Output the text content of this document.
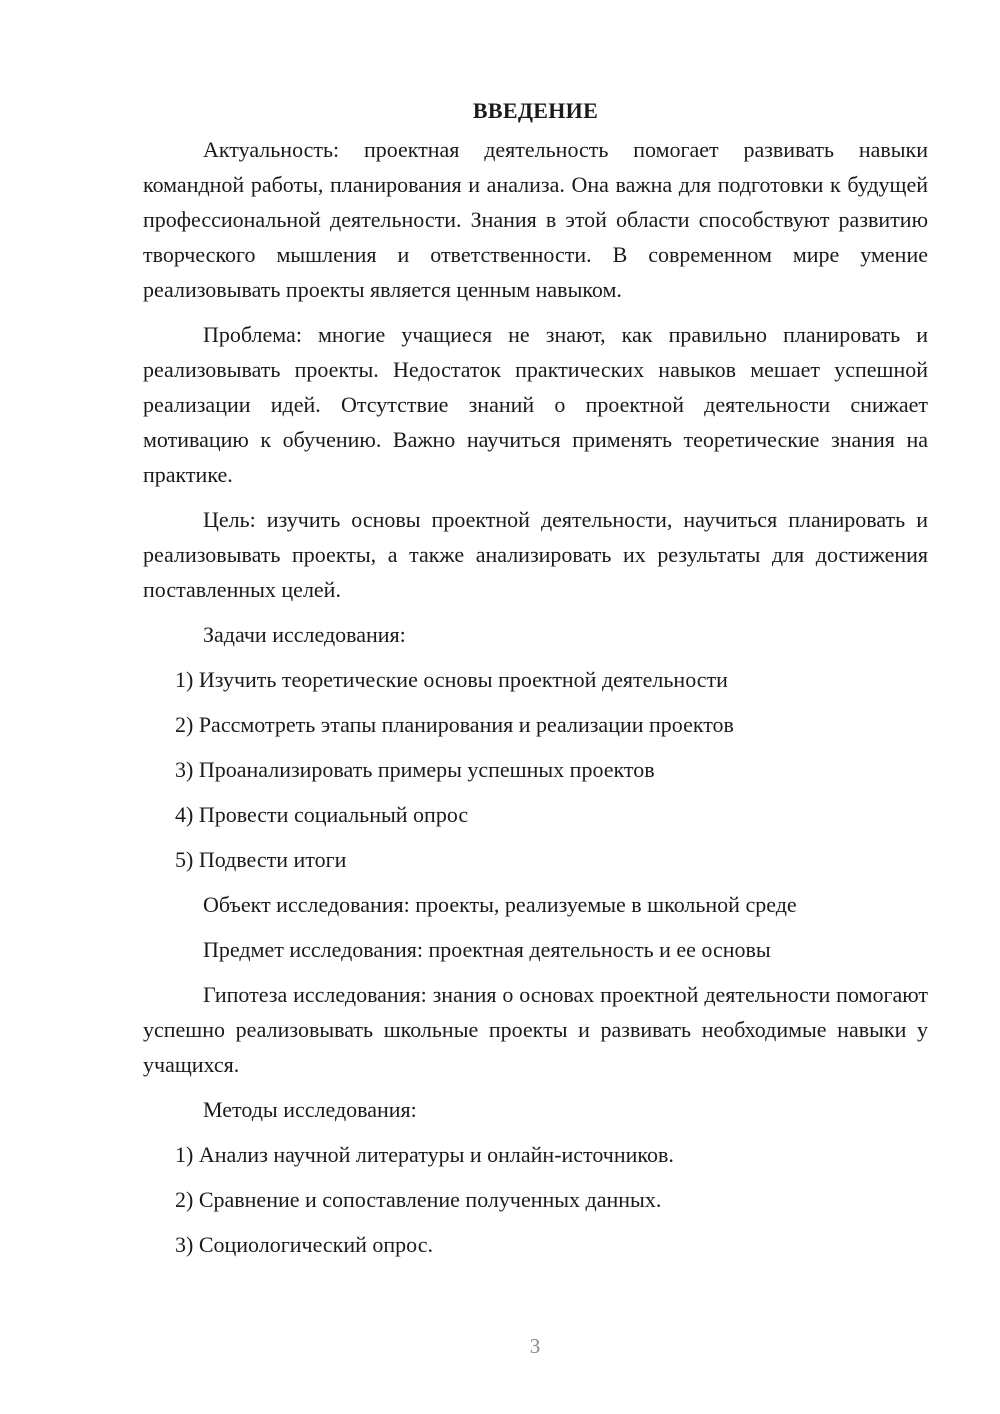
ВВЕДЕНИЕ

Актуальность: проектная деятельность помогает развивать навыки командной работы, планирования и анализа. Она важна для подготовки к будущей профессиональной деятельности. Знания в этой области способствуют развитию творческого мышления и ответственности. В современном мире умение реализовывать проекты является ценным навыком.

Проблема: многие учащиеся не знают, как правильно планировать и реализовывать проекты. Недостаток практических навыков мешает успешной реализации идей. Отсутствие знаний о проектной деятельности снижает мотивацию к обучению. Важно научиться применять теоретические знания на практике.

Цель: изучить основы проектной деятельности, научиться планировать и реализовывать проекты, а также анализировать их результаты для достижения поставленных целей.

Задачи исследования:
1) Изучить теоретические основы проектной деятельности
2) Рассмотреть этапы планирования и реализации проектов
3) Проанализировать примеры успешных проектов
4) Провести социальный опрос
5) Подвести итоги
Объект исследования: проекты, реализуемые в школьной среде
Предмет исследования: проектная деятельность и ее основы

Гипотеза исследования: знания о основах проектной деятельности помогают успешно реализовывать школьные проекты и развивать необходимые навыки у учащихся.

Методы исследования:
1) Анализ научной литературы и онлайн-источников.
2) Сравнение и сопоставление полученных данных.
3) Социологический опрос.
3
